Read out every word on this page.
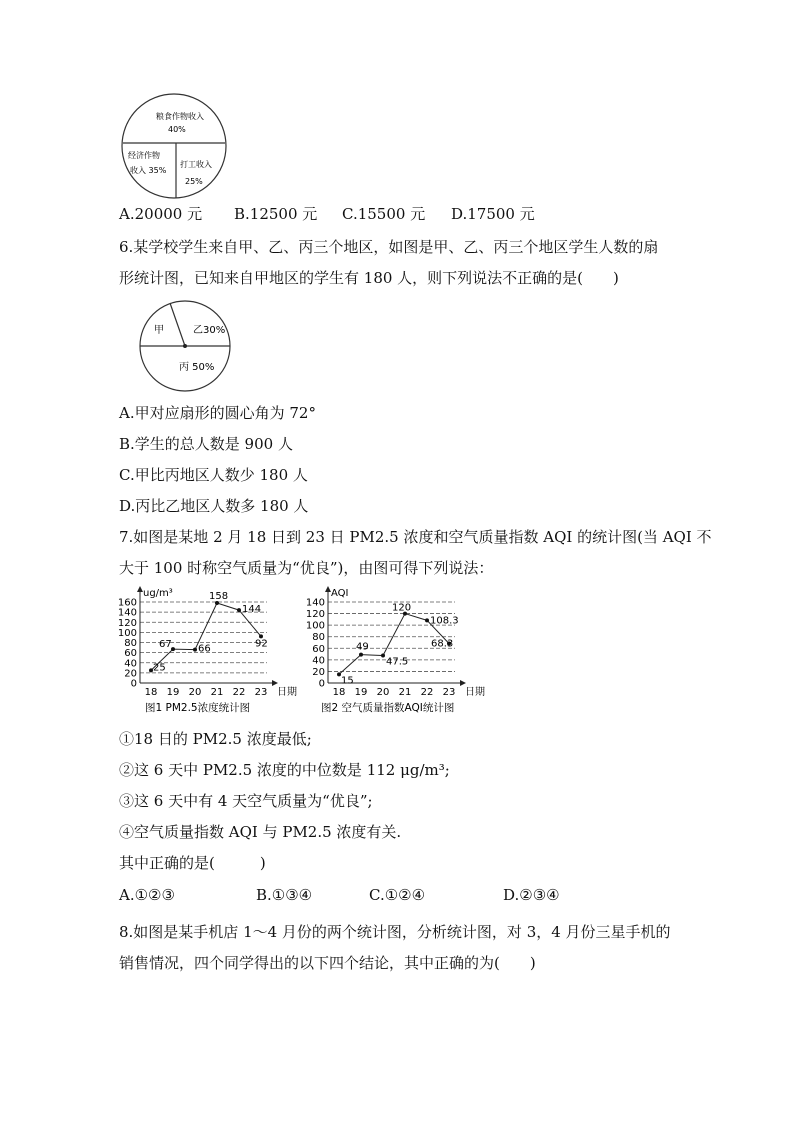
粮食作物收入
40%
经济作物
收入 35%
打工收入
25%
A.20000 元 B.12500 元 C.15500 元 D.17500 元
6.某学校学生来自甲、乙、丙三个地区，如图是甲、乙、丙三个地区学生人数的扇
形统计图，已知来自甲地区的学生有 180 人，则下列说法不正确的是(　　)
甲	乙30%
丙 50%
A.甲对应扇形的圆心角为 72°
B.学生的总人数是 900 人
C.甲比丙地区人数少 180 人
D.丙比乙地区人数多 180 人
7.如图是某地 2 月 18 日到 23 日 PM2.5 浓度和空气质量指数 AQI 的统计图(当 AQI 不
大于 100 时称空气质量为“优良”)，由图可得下列说法：
0
20
40
60
80
100
120
140
160
ug/m³
18 19 20 21 22 23 日期
25
67	66
158
144
92
图1 PM2.5浓度统计图
0
20
40
60
80
100
120
140
AQI
18 19 20 21 22 23 日期
15
49
47.5
120
108.3
68.3
图2 空气质量指数AQI统计图
①18 日的 PM2.5 浓度最低;
②这 6 天中 PM2.5 浓度的中位数是 112 μg/m³;
③这 6 天中有 4 天空气质量为“优良”;
④空气质量指数 AQI 与 PM2.5 浓度有关.
其中正确的是(　　　)
A.①②③	B.①③④	C.①②④	D.②③④
8.如图是某手机店 1～4 月份的两个统计图，分析统计图，对 3，4 月份三星手机的
销售情况，四个同学得出的以下四个结论，其中正确的为(　　)
